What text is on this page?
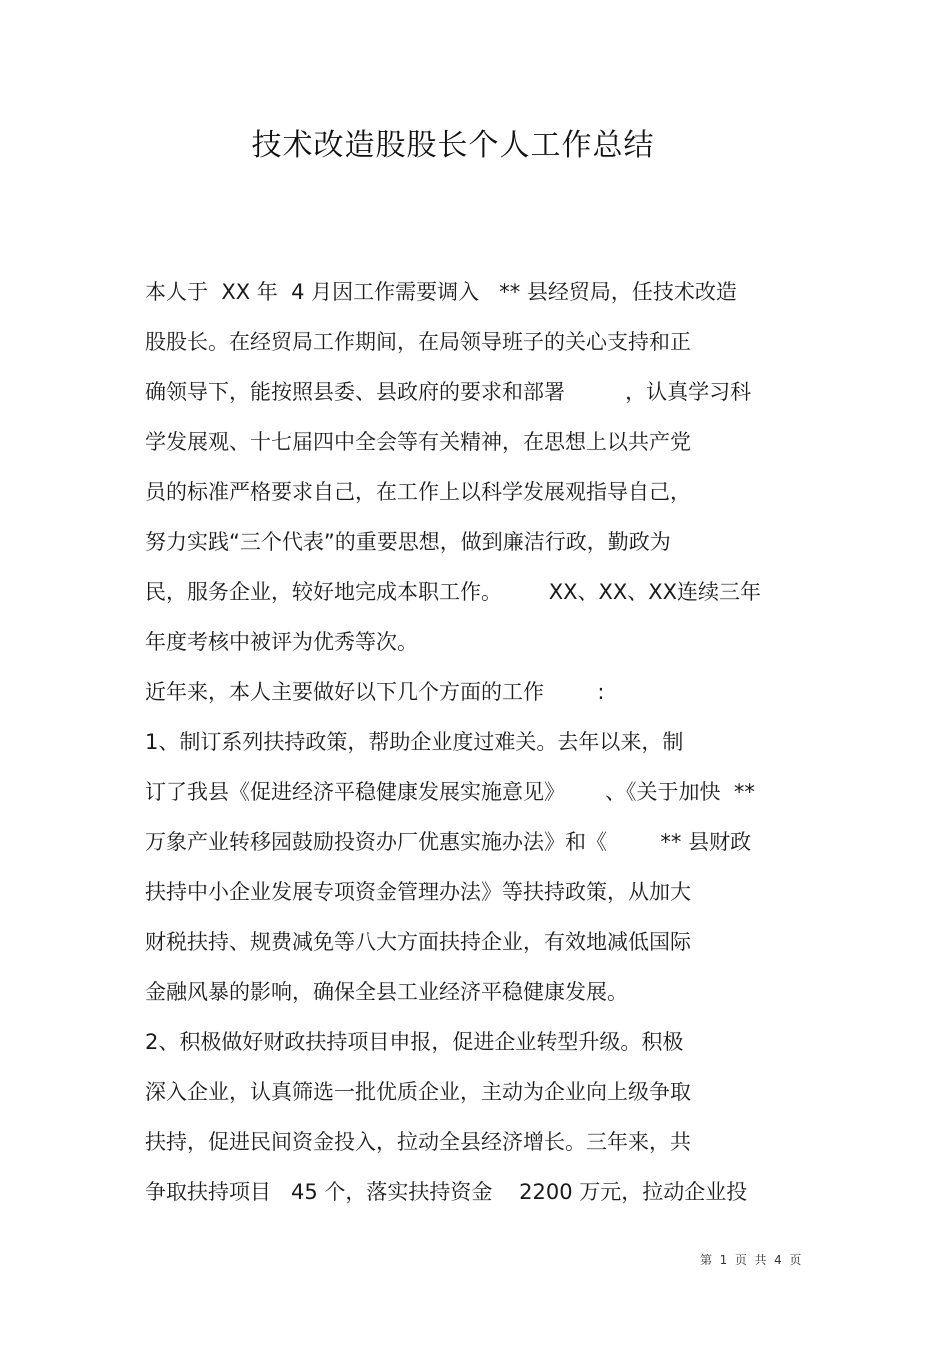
技术改造股股长个人工作总结
本人于  XX 年  4 月因工作需要调入   ** 县经贸局，任技术改造
股股长。在经贸局工作期间，在局领导班子的关心支持和正
确领导下，能按照县委、县政府的要求和部署         ，认真学习科
学发展观、十七届四中全会等有关精神，在思想上以共产党
员的标准严格要求自己，在工作上以科学发展观指导自己，
努力实践“三个代表”的重要思想，做到廉洁行政，勤政为
民，服务企业，较好地完成本职工作。       XX、XX、XX连续三年
年度考核中被评为优秀等次。
近年来，本人主要做好以下几个方面的工作        :
1、制订系列扶持政策，帮助企业度过难关。去年以来，制
订了我县《促进经济平稳健康发展实施意见》      、《关于加快  **
万象产业转移园鼓励投资办厂优惠实施办法》和《        ** 县财政
扶持中小企业发展专项资金管理办法》等扶持政策，从加大
财税扶持、规费减免等八大方面扶持企业，有效地减低国际
金融风暴的影响，确保全县工业经济平稳健康发展。
2、积极做好财政扶持项目申报，促进企业转型升级。积极
深入企业，认真筛选一批优质企业，主动为企业向上级争取
扶持，促进民间资金投入，拉动全县经济增长。三年来，共
争取扶持项目   45 个，落实扶持资金    2200 万元，拉动企业投
第  1  页  共  4  页
